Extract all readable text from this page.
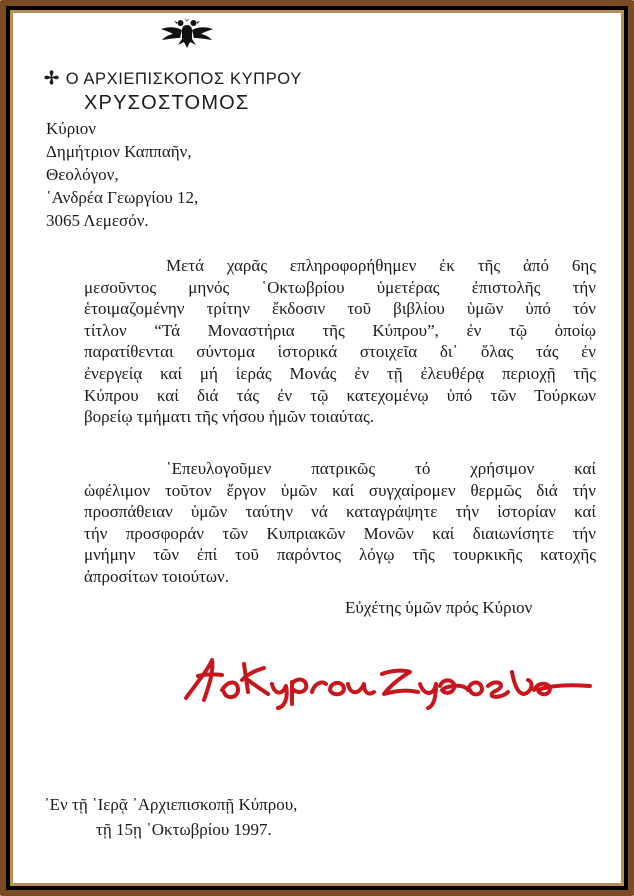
✢ Ο ΑΡΧΙΕΠΙΣΚΟΠΟΣ ΚΥΠΡΟΥ
ΧΡΥΣΟΣΤΟΜΟΣ
Κύριον
Δημήτριον Καππαῆν,
Θεολόγον,
῾Ανδρέα Γεωργίου 12,
3065 Λεμεσόν.
Μετά χαρᾶς επληροφορήθημεν ἐκ τῆς ἀπό 6ης
μεσοῦντος μηνός ῾Οκτωβρίου ὑμετέρας ἐπιστολῆς τήν
ἑτοιμαζομένην τρίτην ἔκδοσιν τοῦ βιβλίου ὑμῶν ὑπό τόν
τίτλον “Τά Μοναστήρια τῆς Κύπρου”, ἐν τῷ ὁποίῳ
παρατίθενται σύντομα ἱστορικά στοιχεῖα δι᾿ ὅλας τάς ἐν
ἐνεργείᾳ καί μή ἱεράς Μονάς ἐν τῇ ἐλευθέρᾳ περιοχῇ τῆς
Κύπρου καί διά τάς ἐν τῷ κατεχομένῳ ὑπό τῶν Τούρκων
βορείῳ τμήματι τῆς νήσου ἡμῶν τοιαύτας.
῾Επευλογοῦμεν πατρικῶς τό χρήσιμον καί
ὠφέλιμον τοῦτον ἔργον ὑμῶν καί συγχαίρομεν θερμῶς διά τήν
προσπάθειαν ὑμῶν ταύτην νά καταγράψητε τήν ἱστορίαν καί
τήν προσφοράν τῶν Κυπριακῶν Μονῶν καί διαιωνίσητε τήν
μνήμην τῶν ἐπί τοῦ παρόντος λόγῳ τῆς τουρκικῆς κατοχῆς
ἀπροσίτων τοιούτων.
Εὐχέτης ὑμῶν πρός Κύριον
᾿Εν τῇ ῾Ιερᾷ ᾿Αρχιεπισκοπῇ Κύπρου,
τῇ 15ῃ ᾿Οκτωβρίου 1997.
